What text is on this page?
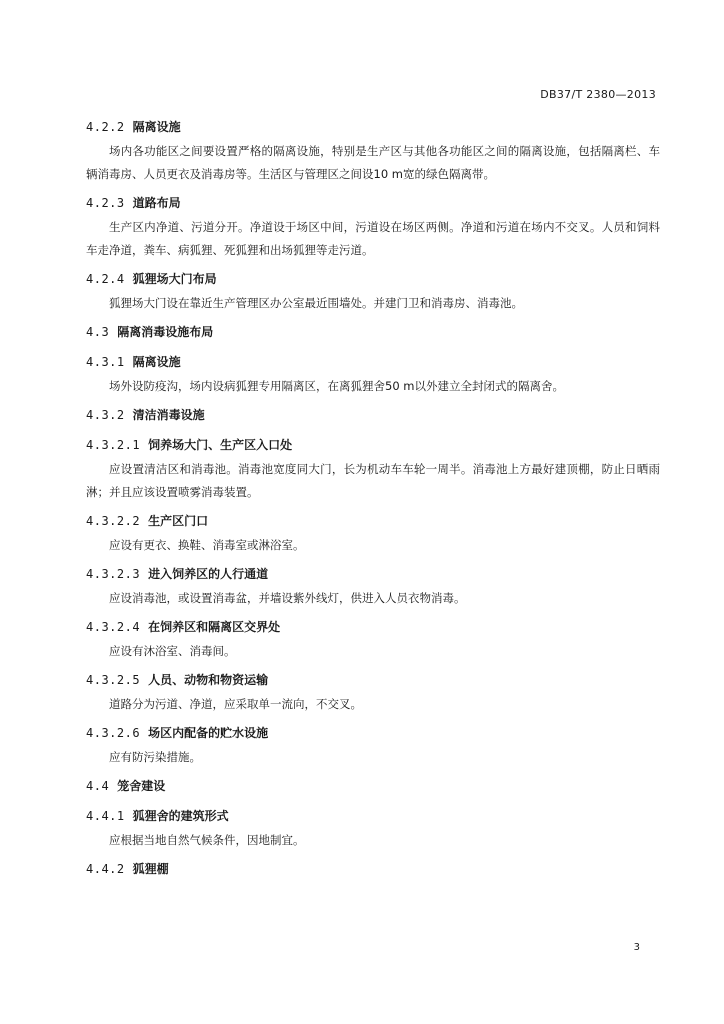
DB37/T 2380—2013
4.2.2 隔离设施

场内各功能区之间要设置严格的隔离设施，特别是生产区与其他各功能区之间的隔离设施，包括隔离栏、车辆消毒房、人员更衣及消毒房等。生活区与管理区之间设10 m宽的绿色隔离带。

4.2.3 道路布局

生产区内净道、污道分开。净道设于场区中间，污道设在场区两侧。净道和污道在场内不交叉。人员和饲料车走净道，粪车、病狐狸、死狐狸和出场狐狸等走污道。

4.2.4 狐狸场大门布局

狐狸场大门设在靠近生产管理区办公室最近围墙处。并建门卫和消毒房、消毒池。

4.3 隔离消毒设施布局
4.3.1 隔离设施

场外设防疫沟，场内设病狐狸专用隔离区，在离狐狸舍50 m以外建立全封闭式的隔离舍。

4.3.2 清洁消毒设施
4.3.2.1 饲养场大门、生产区入口处

应设置清洁区和消毒池。消毒池宽度同大门，长为机动车车轮一周半。消毒池上方最好建顶棚，防止日晒雨淋；并且应该设置喷雾消毒装置。

4.3.2.2 生产区门口

应设有更衣、换鞋、消毒室或淋浴室。

4.3.2.3 进入饲养区的人行通道

应设消毒池，或设置消毒盆，并墙设紫外线灯，供进入人员衣物消毒。

4.3.2.4 在饲养区和隔离区交界处

应设有沐浴室、消毒间。

4.3.2.5 人员、动物和物资运输

道路分为污道、净道，应采取单一流向，不交叉。

4.3.2.6 场区内配备的贮水设施

应有防污染措施。

4.4 笼舍建设
4.4.1 狐狸舍的建筑形式

应根据当地自然气候条件，因地制宜。

4.4.2 狐狸棚
3
